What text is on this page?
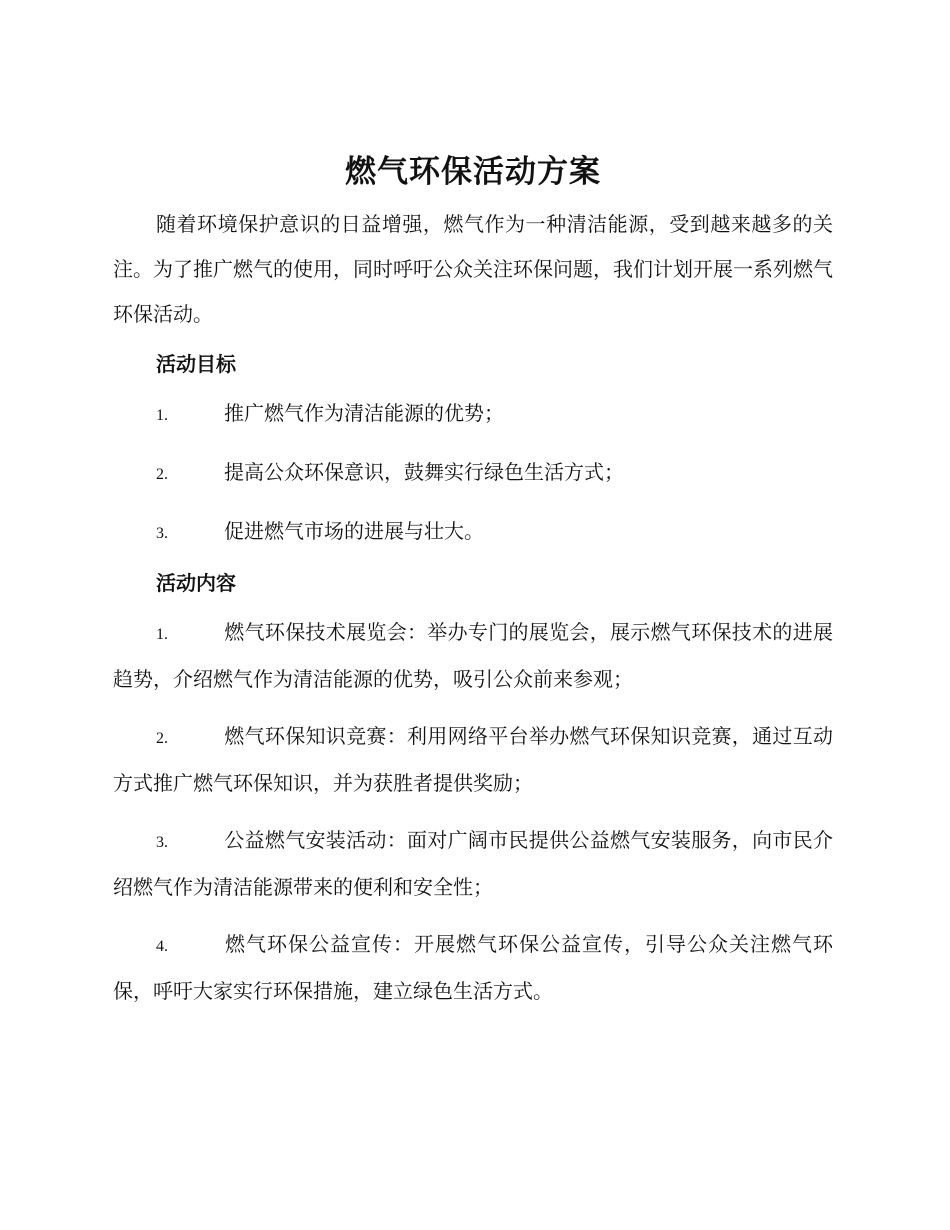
燃气环保活动方案

随着环境保护意识的日益增强，燃气作为一种清洁能源，受到越来越多的关注。为了推广燃气的使用，同时呼吁公众关注环保问题，我们计划开展一系列燃气环保活动。

活动目标

1.	推广燃气作为清洁能源的优势；

2.	提高公众环保意识，鼓舞实行绿色生活方式；

3.	促进燃气市场的进展与壮大。

活动内容

1.	燃气环保技术展览会：举办专门的展览会，展示燃气环保技术的进展趋势，介绍燃气作为清洁能源的优势，吸引公众前来参观；

2.	燃气环保知识竞赛：利用网络平台举办燃气环保知识竞赛，通过互动方式推广燃气环保知识，并为获胜者提供奖励；

3.	公益燃气安装活动：面对广阔市民提供公益燃气安装服务，向市民介绍燃气作为清洁能源带来的便利和安全性；

4.	燃气环保公益宣传：开展燃气环保公益宣传，引导公众关注燃气环保，呼吁大家实行环保措施，建立绿色生活方式。
